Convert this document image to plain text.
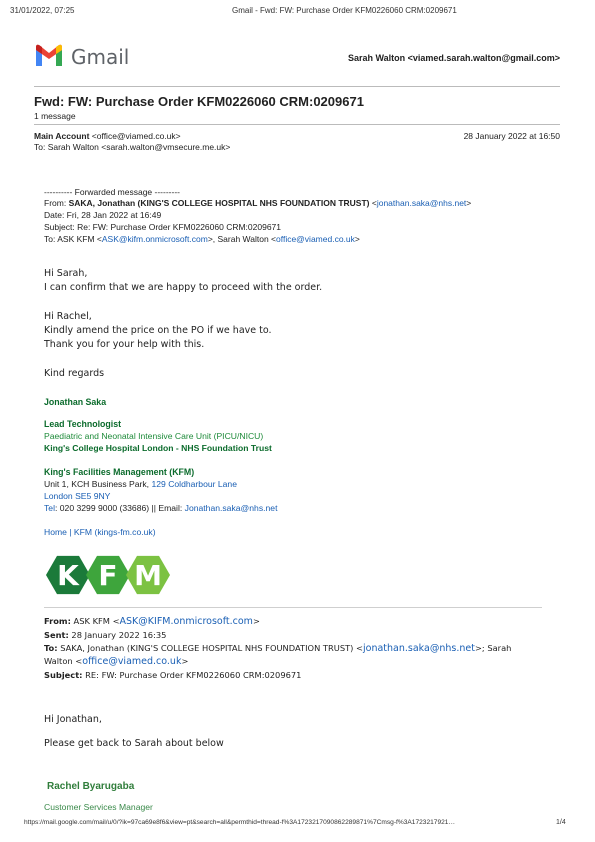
31/01/2022, 07:25	Gmail - Fwd: FW: Purchase Order KFM0226060 CRM:0209671
Gmail	Sarah Walton <viamed.sarah.walton@gmail.com>
Fwd: FW: Purchase Order KFM0226060 CRM:0209671
1 message
Main Account <office@viamed.co.uk>	28 January 2022 at 16:50
To: Sarah Walton <sarah.walton@vmsecure.me.uk>
---------- Forwarded message ---------
From: SAKA, Jonathan (KING'S COLLEGE HOSPITAL NHS FOUNDATION TRUST) <jonathan.saka@nhs.net>
Date: Fri, 28 Jan 2022 at 16:49
Subject: Re: FW: Purchase Order KFM0226060 CRM:0209671
To: ASK KFM <ASK@kifm.onmicrosoft.com>, Sarah Walton <office@viamed.co.uk>
Hi Sarah,
I can confirm that we are happy to proceed with the order.
Hi Rachel,
Kindly amend the price on the PO if we have to.
Thank you for your help with this.
Kind regards
Jonathan Saka
Lead Technologist
Paediatric and Neonatal Intensive Care Unit (PICU/NICU)
King's College Hospital London - NHS Foundation Trust
King's Facilities Management (KFM)
Unit 1, KCH Business Park, 129 Coldharbour Lane
London SE5 9NY
Tel: 020 3299 9000 (33686) || Email: Jonathan.saka@nhs.net
Home | KFM (kings-fm.co.uk)
K F M
From: ASK KFM <ASK@KIFM.onmicrosoft.com>
Sent: 28 January 2022 16:35
To: SAKA, Jonathan (KING'S COLLEGE HOSPITAL NHS FOUNDATION TRUST) <jonathan.saka@nhs.net>; Sarah
Walton <office@viamed.co.uk>
Subject: RE: FW: Purchase Order KFM0226060 CRM:0209671
Hi Jonathan,
Please get back to Sarah about below
Rachel Byarugaba
Customer Services Manager
https://mail.google.com/mail/u/0/?ik=97ca69e8f6&view=pt&search=all&permthid=thread-f%3A1723217090862289871%7Cmsg-f%3A17232179​21…	1/4
